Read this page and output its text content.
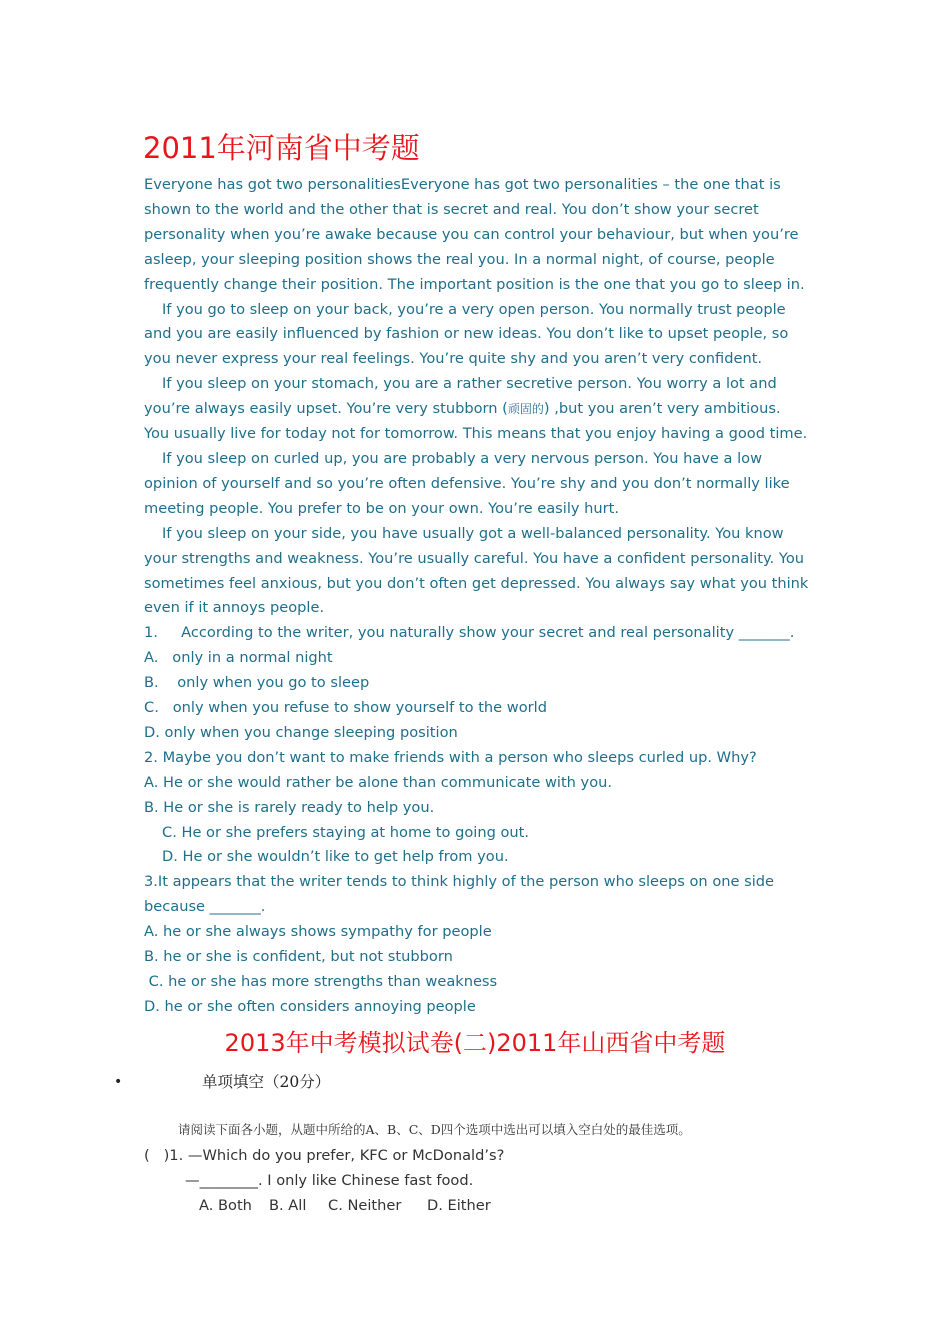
2011年河南省中考题

Everyone has got two personalitiesEveryone has got two personalities – the one that is
shown to the world and the other that is secret and real. You don’t show your secret
personality when you’re awake because you can control your behaviour, but when you’re
asleep, your sleeping position shows the real you. In a normal night, of course, people
frequently change their position. The important position is the one that you go to sleep in.

If you go to sleep on your back, you’re a very open person. You normally trust people
and you are easily influenced by fashion or new ideas. You don’t like to upset people, so
you never express your real feelings. You’re quite shy and you aren’t very confident.

If you sleep on your stomach, you are a rather secretive person. You worry a lot and
you’re always easily upset. You’re very stubborn (顽固的) ,but you aren’t very ambitious.
You usually live for today not for tomorrow. This means that you enjoy having a good time.

If you sleep on curled up, you are probably a very nervous person. You have a low
opinion of yourself and so you’re often defensive. You’re shy and you don’t normally like
meeting people. You prefer to be on your own. You’re easily hurt.

If you sleep on your side, you have usually got a well-balanced personality. You know
your strengths and weakness. You’re usually careful. You have a confident personality. You
sometimes feel anxious, but you don’t often get depressed. You always say what you think
even if it annoys people.

1.     According to the writer, you naturally show your secret and real personality _______.
A.   only in a normal night
B.    only when you go to sleep
C.   only when you refuse to show yourself to the world
D. only when you change sleeping position
2. Maybe you don’t want to make friends with a person who sleeps curled up. Why?
A. He or she would rather be alone than communicate with you.
B. He or she is rarely ready to help you.
C. He or she prefers staying at home to going out.
D. He or she wouldn’t like to get help from you.
3.It appears that the writer tends to think highly of the person who sleeps on one side
because _______.
A. he or she always shows sympathy for people
B. he or she is confident, but not stubborn
C. he or she has more strengths than weakness
D. he or she often considers annoying people
2013年中考模拟试卷(二)2011年山西省中考题
•	单项填空（20分）
请阅读下面各小题，从题中所给的A、B、C、D四个选项中选出可以填入空白处的最佳选项。
(   )1. —Which do you prefer, KFC or McDonald’s?
—________. I only like Chinese fast food.
A. Both B. All C. Neither D. Either
